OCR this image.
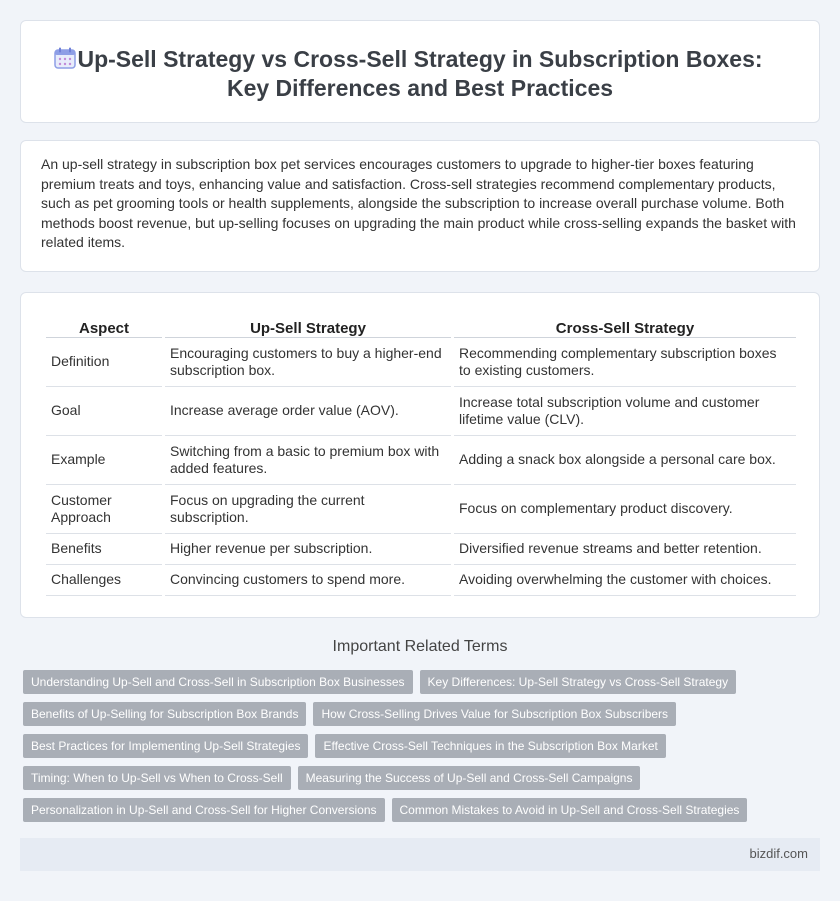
Up-Sell Strategy vs Cross-Sell Strategy in Subscription Boxes: Key Differences and Best Practices

An up-sell strategy in subscription box pet services encourages customers to upgrade to higher-tier boxes featuring premium treats and toys, enhancing value and satisfaction. Cross-sell strategies recommend complementary products, such as pet grooming tools or health supplements, alongside the subscription to increase overall purchase volume. Both methods boost revenue, but up-selling focuses on upgrading the main product while cross-selling expands the basket with related items.

Aspect	Up-Sell Strategy	Cross-Sell Strategy
Definition	Encouraging customers to buy a higher-end subscription box.	Recommending complementary subscription boxes to existing customers.
Goal	Increase average order value (AOV).	Increase total subscription volume and customer lifetime value (CLV).
Example	Switching from a basic to premium box with added features.	Adding a snack box alongside a personal care box.
Customer Approach	Focus on upgrading the current subscription.	Focus on complementary product discovery.
Benefits	Higher revenue per subscription.	Diversified revenue streams and better retention.
Challenges	Convincing customers to spend more.	Avoiding overwhelming the customer with choices.
Important Related Terms
Understanding Up-Sell and Cross-Sell in Subscription Box Businesses	Key Differences: Up-Sell Strategy vs Cross-Sell Strategy
Benefits of Up-Selling for Subscription Box Brands	How Cross-Selling Drives Value for Subscription Box Subscribers
Best Practices for Implementing Up-Sell Strategies	Effective Cross-Sell Techniques in the Subscription Box Market
Timing: When to Up-Sell vs When to Cross-Sell	Measuring the Success of Up-Sell and Cross-Sell Campaigns
Personalization in Up-Sell and Cross-Sell for Higher Conversions	Common Mistakes to Avoid in Up-Sell and Cross-Sell Strategies
bizdif.com
